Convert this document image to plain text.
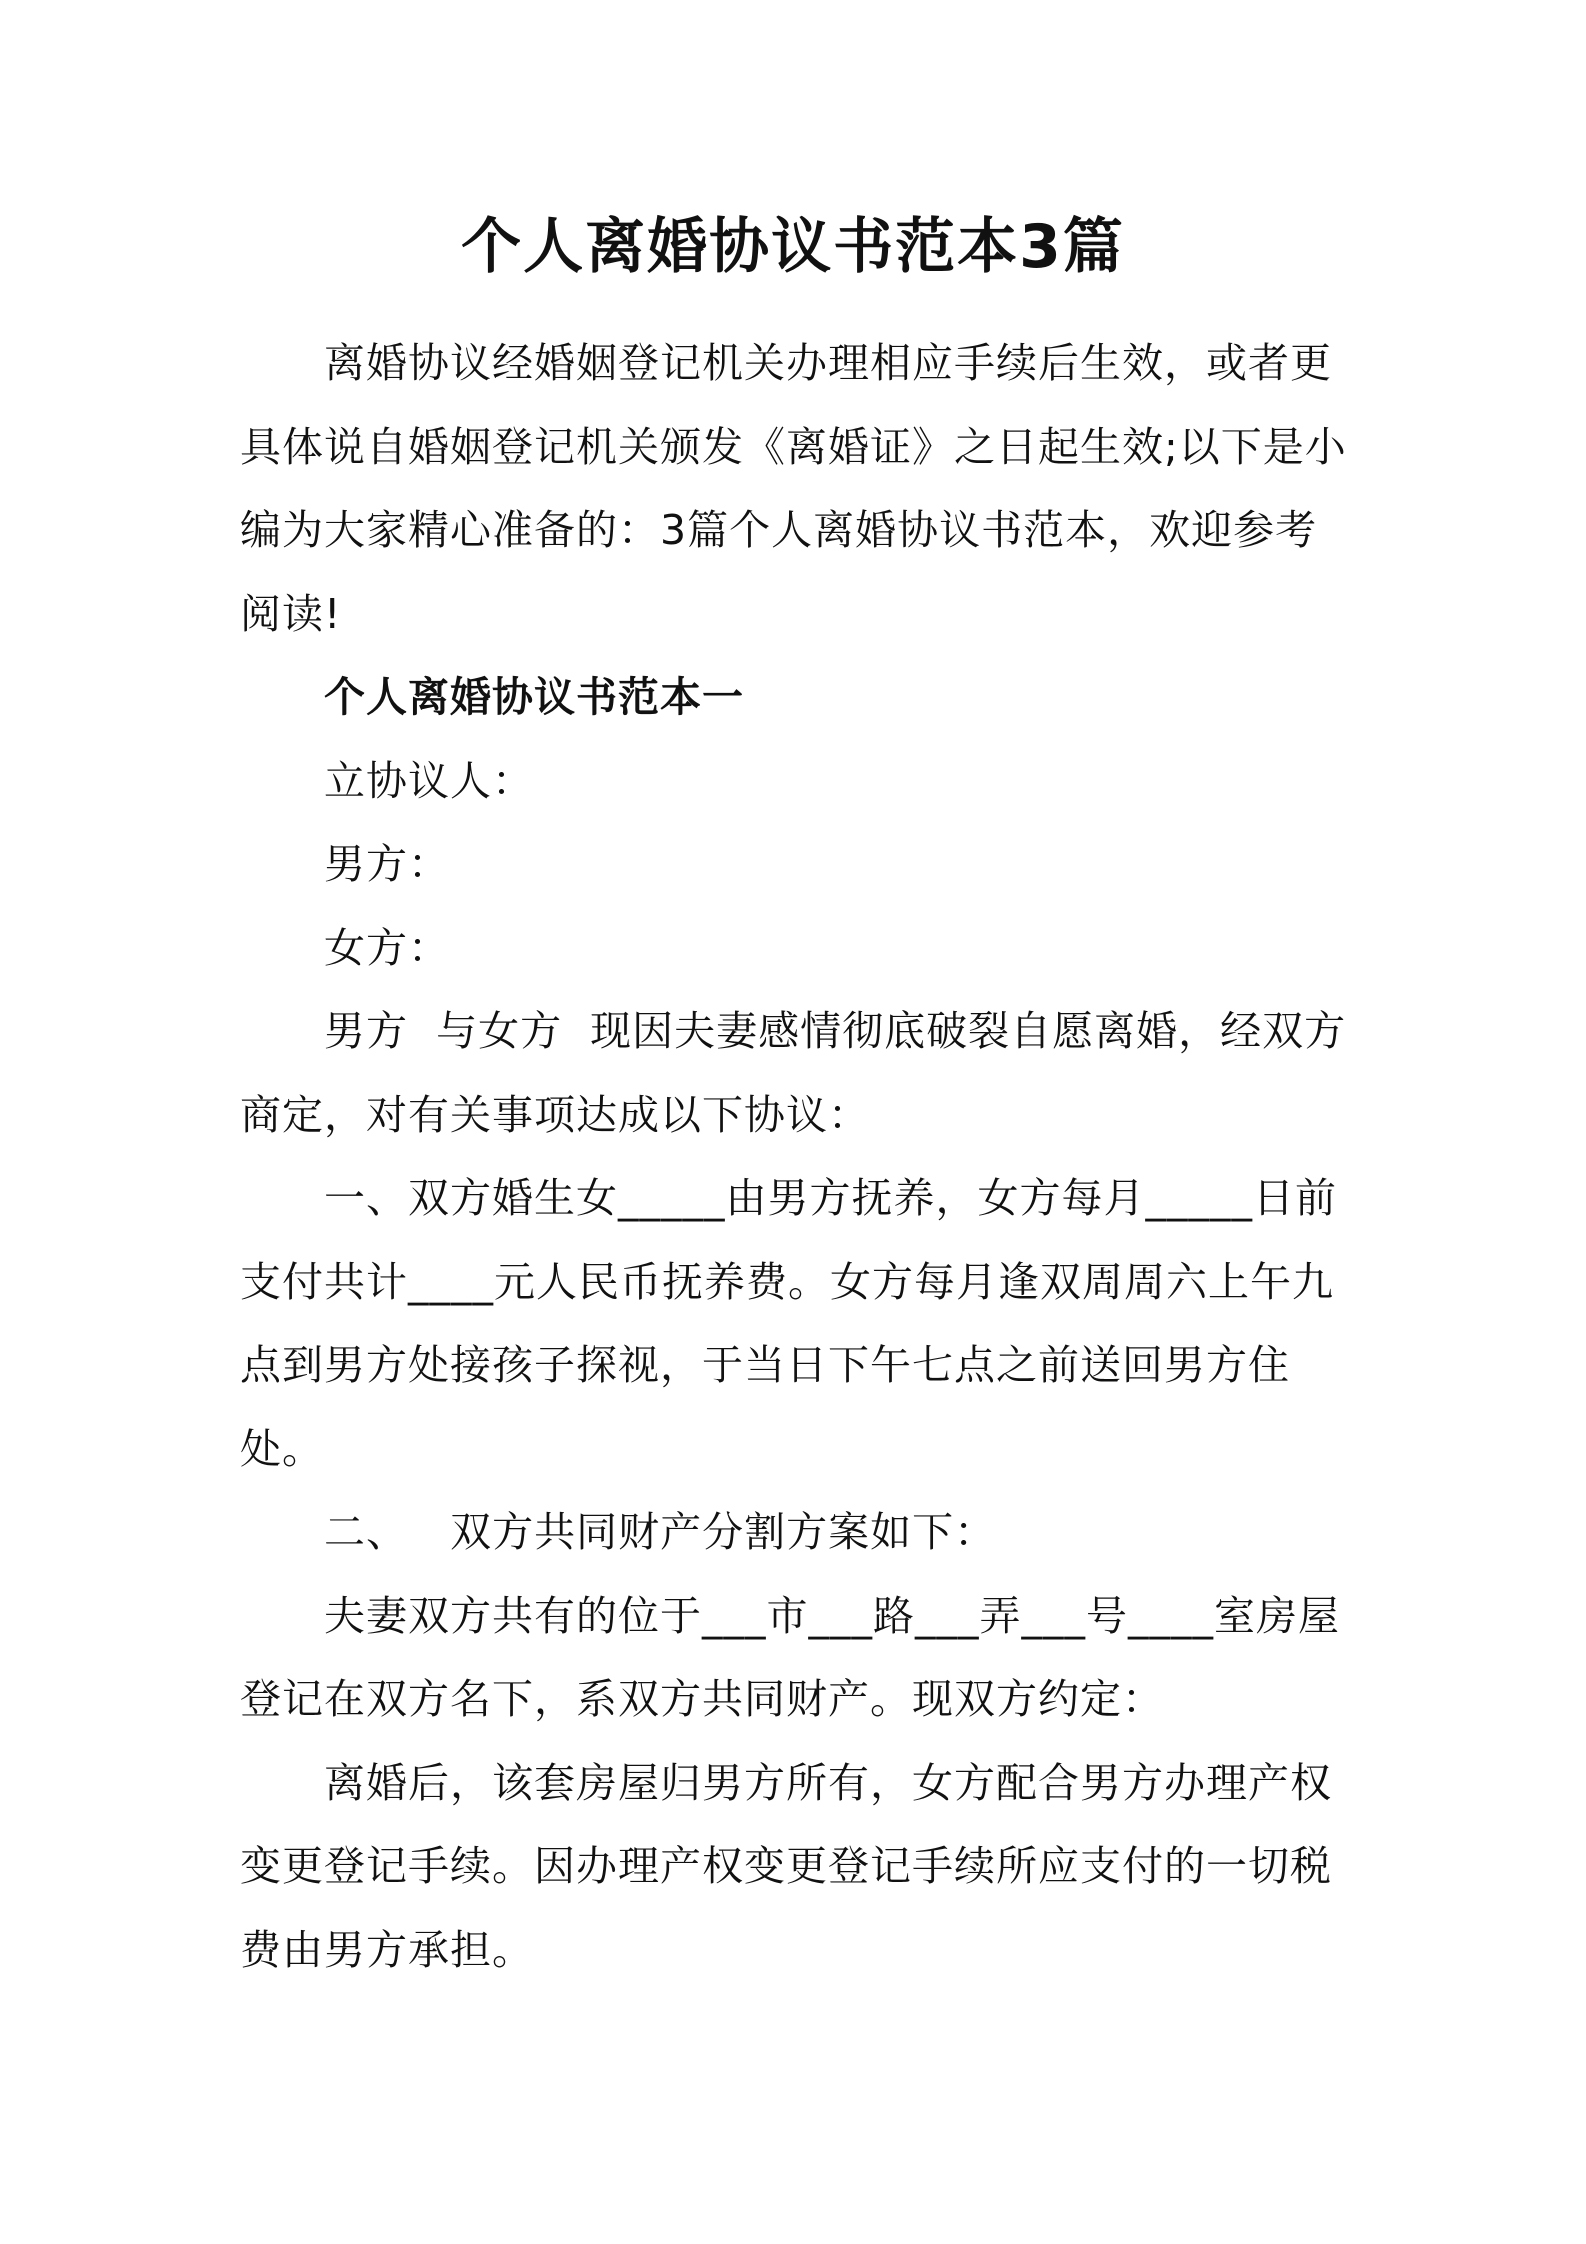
个人离婚协议书范本3篇

离婚协议经婚姻登记机关办理相应手续后生效，或者更具体说自婚姻登记机关颁发《离婚证》之日起生效;以下是小编为大家精心准备的：3篇个人离婚协议书范本，欢迎参考阅读!

个人离婚协议书范本一

立协议人：

男方：

女方：

男方  与女方  现因夫妻感情彻底破裂自愿离婚，经双方商定，对有关事项达成以下协议：

一、双方婚生女_____由男方抚养，女方每月_____日前支付共计____元人民币抚养费。女方每月逢双周周六上午九点到男方处接孩子探视，于当日下午七点之前送回男方住处。

二、   双方共同财产分割方案如下：

夫妻双方共有的位于___市___路___弄___号____室房屋登记在双方名下，系双方共同财产。现双方约定：

离婚后，该套房屋归男方所有，女方配合男方办理产权变更登记手续。因办理产权变更登记手续所应支付的一切税费由男方承担。
